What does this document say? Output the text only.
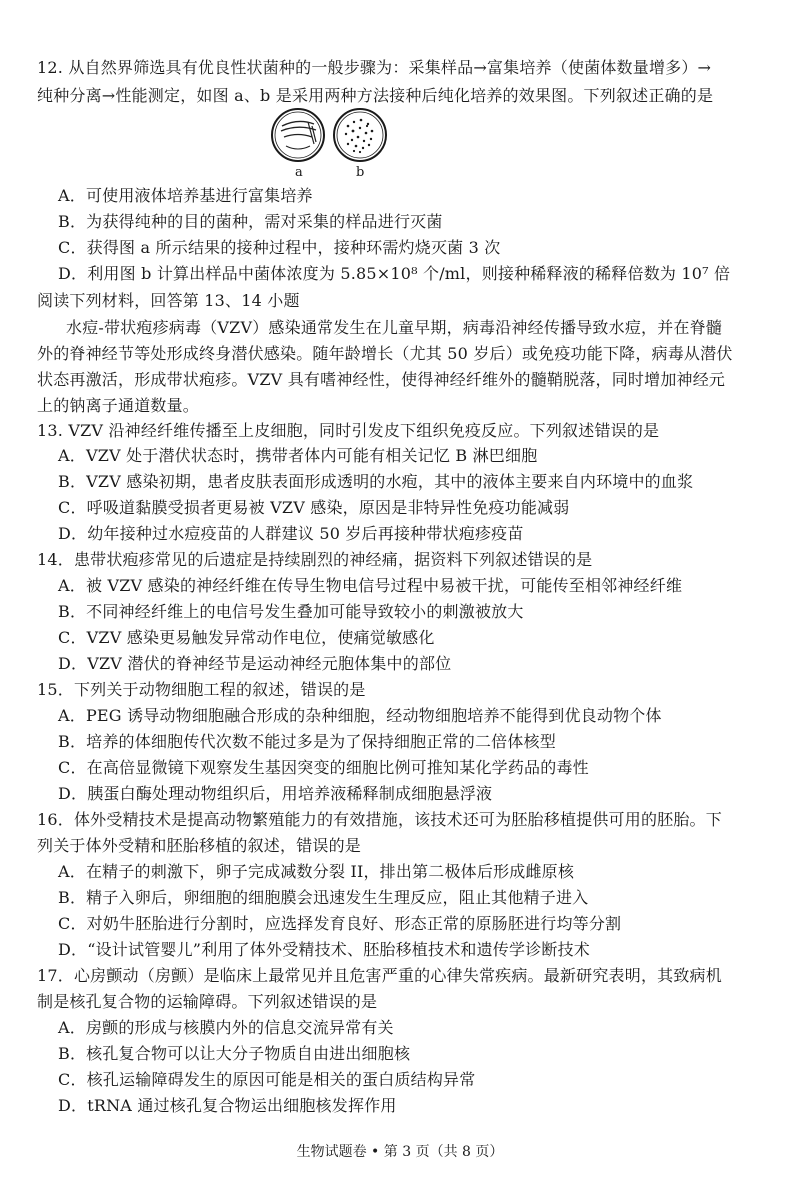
12. 从自然界筛选具有优良性状菌种的一般步骤为：采集样品→富集培养（使菌体数量增多）→
纯种分离→性能测定，如图 a、b 是采用两种方法接种后纯化培养的效果图。下列叙述正确的是
a	b
A．可使用液体培养基进行富集培养
B．为获得纯种的目的菌种，需对采集的样品进行灭菌
C．获得图 a 所示结果的接种过程中，接种环需灼烧灭菌 3 次
D．利用图 b 计算出样品中菌体浓度为 5.85×10⁸ 个/ml，则接种稀释液的稀释倍数为 10⁷ 倍
阅读下列材料，回答第 13、14 小题
水痘-带状疱疹病毒（VZV）感染通常发生在儿童早期，病毒沿神经传播导致水痘，并在脊髓
外的脊神经节等处形成终身潜伏感染。随年龄增长（尤其 50 岁后）或免疫功能下降，病毒从潜伏
状态再激活，形成带状疱疹。VZV 具有嗜神经性，使得神经纤维外的髓鞘脱落，同时增加神经元
上的钠离子通道数量。
13. VZV 沿神经纤维传播至上皮细胞，同时引发皮下组织免疫反应。下列叙述错误的是
A．VZV 处于潜伏状态时，携带者体内可能有相关记忆 B 淋巴细胞
B．VZV 感染初期，患者皮肤表面形成透明的水疱，其中的液体主要来自内环境中的血浆
C．呼吸道黏膜受损者更易被 VZV 感染，原因是非特异性免疫功能减弱
D．幼年接种过水痘疫苗的人群建议 50 岁后再接种带状疱疹疫苗
14．患带状疱疹常见的后遗症是持续剧烈的神经痛，据资料下列叙述错误的是
A．被 VZV 感染的神经纤维在传导生物电信号过程中易被干扰，可能传至相邻神经纤维
B．不同神经纤维上的电信号发生叠加可能导致较小的刺激被放大
C．VZV 感染更易触发异常动作电位，使痛觉敏感化
D．VZV 潜伏的脊神经节是运动神经元胞体集中的部位
15．下列关于动物细胞工程的叙述，错误的是
A．PEG 诱导动物细胞融合形成的杂种细胞，经动物细胞培养不能得到优良动物个体
B．培养的体细胞传代次数不能过多是为了保持细胞正常的二倍体核型
C．在高倍显微镜下观察发生基因突变的细胞比例可推知某化学药品的毒性
D．胰蛋白酶处理动物组织后，用培养液稀释制成细胞悬浮液
16．体外受精技术是提高动物繁殖能力的有效措施，该技术还可为胚胎移植提供可用的胚胎。下
列关于体外受精和胚胎移植的叙述，错误的是
A．在精子的刺激下，卵子完成减数分裂 II，排出第二极体后形成雌原核
B．精子入卵后，卵细胞的细胞膜会迅速发生生理反应，阻止其他精子进入
C．对奶牛胚胎进行分割时，应选择发育良好、形态正常的原肠胚进行均等分割
D．“设计试管婴儿”利用了体外受精技术、胚胎移植技术和遗传学诊断技术
17．心房颤动（房颤）是临床上最常见并且危害严重的心律失常疾病。最新研究表明，其致病机
制是核孔复合物的运输障碍。下列叙述错误的是
A．房颤的形成与核膜内外的信息交流异常有关
B．核孔复合物可以让大分子物质自由进出细胞核
C．核孔运输障碍发生的原因可能是相关的蛋白质结构异常
D．tRNA 通过核孔复合物运出细胞核发挥作用
生物试题卷 • 第 3 页（共 8 页）
